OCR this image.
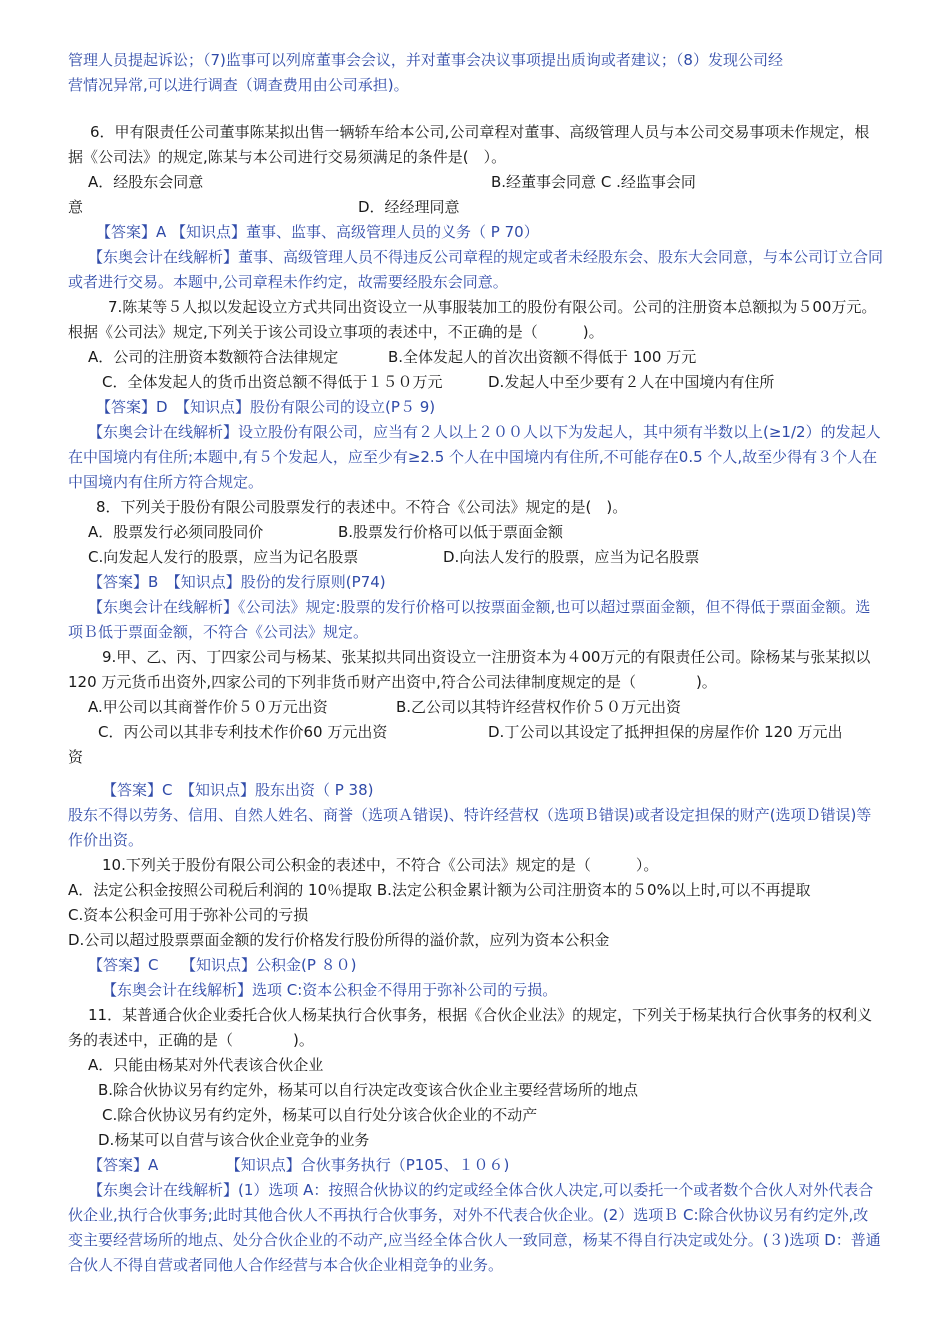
管理人员提起诉讼；（7)监事可以列席董事会会议，并对董事会决议事项提出质询或者建议；（8）发现公司经

营情况异常,可以进行调查（调查费用由公司承担)。

6．甲有限责任公司董事陈某拟出售一辆轿车给本公司,公司章程对董事、高级管理人员与本公司交易事项未作规定，根据《公司法》的规定,陈某与本公司进行交易须满足的条件是(　）。

A．经股东会同意	B.经董事会同意 C .经监事会同
意	D．经经理同意

【答案】A 【知识点】董事、监事、高级管理人员的义务（ P 70）

【东奥会计在线解析】董事、高级管理人员不得违反公司章程的规定或者未经股东会、股东大会同意，与本公司订立合同或者进行交易。本题中,公司章程未作约定，故需要经股东会同意。

7.陈某等５人拟以发起设立方式共同出资设立一从事服装加工的股份有限公司。公司的注册资本总额拟为５00万元。根据《公司法》规定,下列关于该公司设立事项的表述中，不正确的是（　　　)。

A．公司的注册资本数额符合法律规定	B.全体发起人的首次出资额不得低于 100 万元
C．全体发起人的货币出资总额不得低于１５０万元	D.发起人中至少要有２人在中国境内有住所

【答案】D　【知识点】股份有限公司的设立(P５ 9)

【东奥会计在线解析】设立股份有限公司，应当有２人以上２００人以下为发起人，其中须有半数以上(≥1/2）的发起人在中国境内有住所;本题中,有５个发起人，应至少有≥2.5 个人在中国境内有住所,不可能存在0.5 个人,故至少得有３个人在中国境内有住所方符合规定。

8．下列关于股份有限公司股票发行的表述中。不符合《公司法》规定的是(　)。

A．股票发行必须同股同价	B.股票发行价格可以低于票面金额
C.向发起人发行的股票，应当为记名股票	D.向法人发行的股票，应当为记名股票

【答案】B　【知识点】股份的发行原则(P74)

【东奥会计在线解析】《公司法》规定:股票的发行价格可以按票面金额,也可以超过票面金额，但不得低于票面金额。选项Ｂ低于票面金额，不符合《公司法》规定。

9.甲、乙、丙、丁四家公司与杨某、张某拟共同出资设立一注册资本为４00万元的有限责任公司。除杨某与张某拟以 120 万元货币出资外,四家公司的下列非货币财产出资中,符合公司法律制度规定的是（　　　　)。

A.甲公司以其商誉作价５０万元出资	B.乙公司以其特许经营权作价５０万元出资
C．丙公司以其非专利技术作价60 万元出资	D.丁公司以其设定了抵押担保的房屋作价 120 万元出

资

【答案】C　【知识点】股东出资（ P 38)

股东不得以劳务、信用、自然人姓名、商誉（选项Ａ错误)、特许经营权（选项Ｂ错误)或者设定担保的财产(选项Ｄ错误)等作价出资。

10.下列关于股份有限公司公积金的表述中，不符合《公司法》规定的是（　　　）。

A．法定公积金按照公司税后利润的 10％提取 B.法定公积金累计额为公司注册资本的５0%以上时,可以不再提取

C.资本公积金可用于弥补公司的亏损

D.公司以超过股票票面金额的发行价格发行股份所得的溢价款，应列为资本公积金

【答案】C　　【知识点】公积金(P ８０)

【东奥会计在线解析】选项 C:资本公积金不得用于弥补公司的亏损。

11．某普通合伙企业委托合伙人杨某执行合伙事务，根据《合伙企业法》的规定，下列关于杨某执行合伙事务的权利义务的表述中，正确的是（　　　　)。

A．只能由杨某对外代表该合伙企业

B.除合伙协议另有约定外，杨某可以自行决定改变该合伙企业主要经营场所的地点

C.除合伙协议另有约定外，杨某可以自行处分该合伙企业的不动产

D.杨某可以自营与该合伙企业竞争的业务

【答案】A　　　　　【知识点】合伙事务执行（P105、１０６)

【东奥会计在线解析】(1）选项 A：按照合伙协议的约定或经全体合伙人决定,可以委托一个或者数个合伙人对外代表合伙企业,执行合伙事务;此时其他合伙人不再执行合伙事务，对外不代表合伙企业。(2）选项Ｂ C:除合伙协议另有约定外,改变主要经营场所的地点、处分合伙企业的不动产,应当经全体合伙人一致同意，杨某不得自行决定或处分。(３)选项 D：普通合伙人不得自营或者同他人合作经营与本合伙企业相竞争的业务。
